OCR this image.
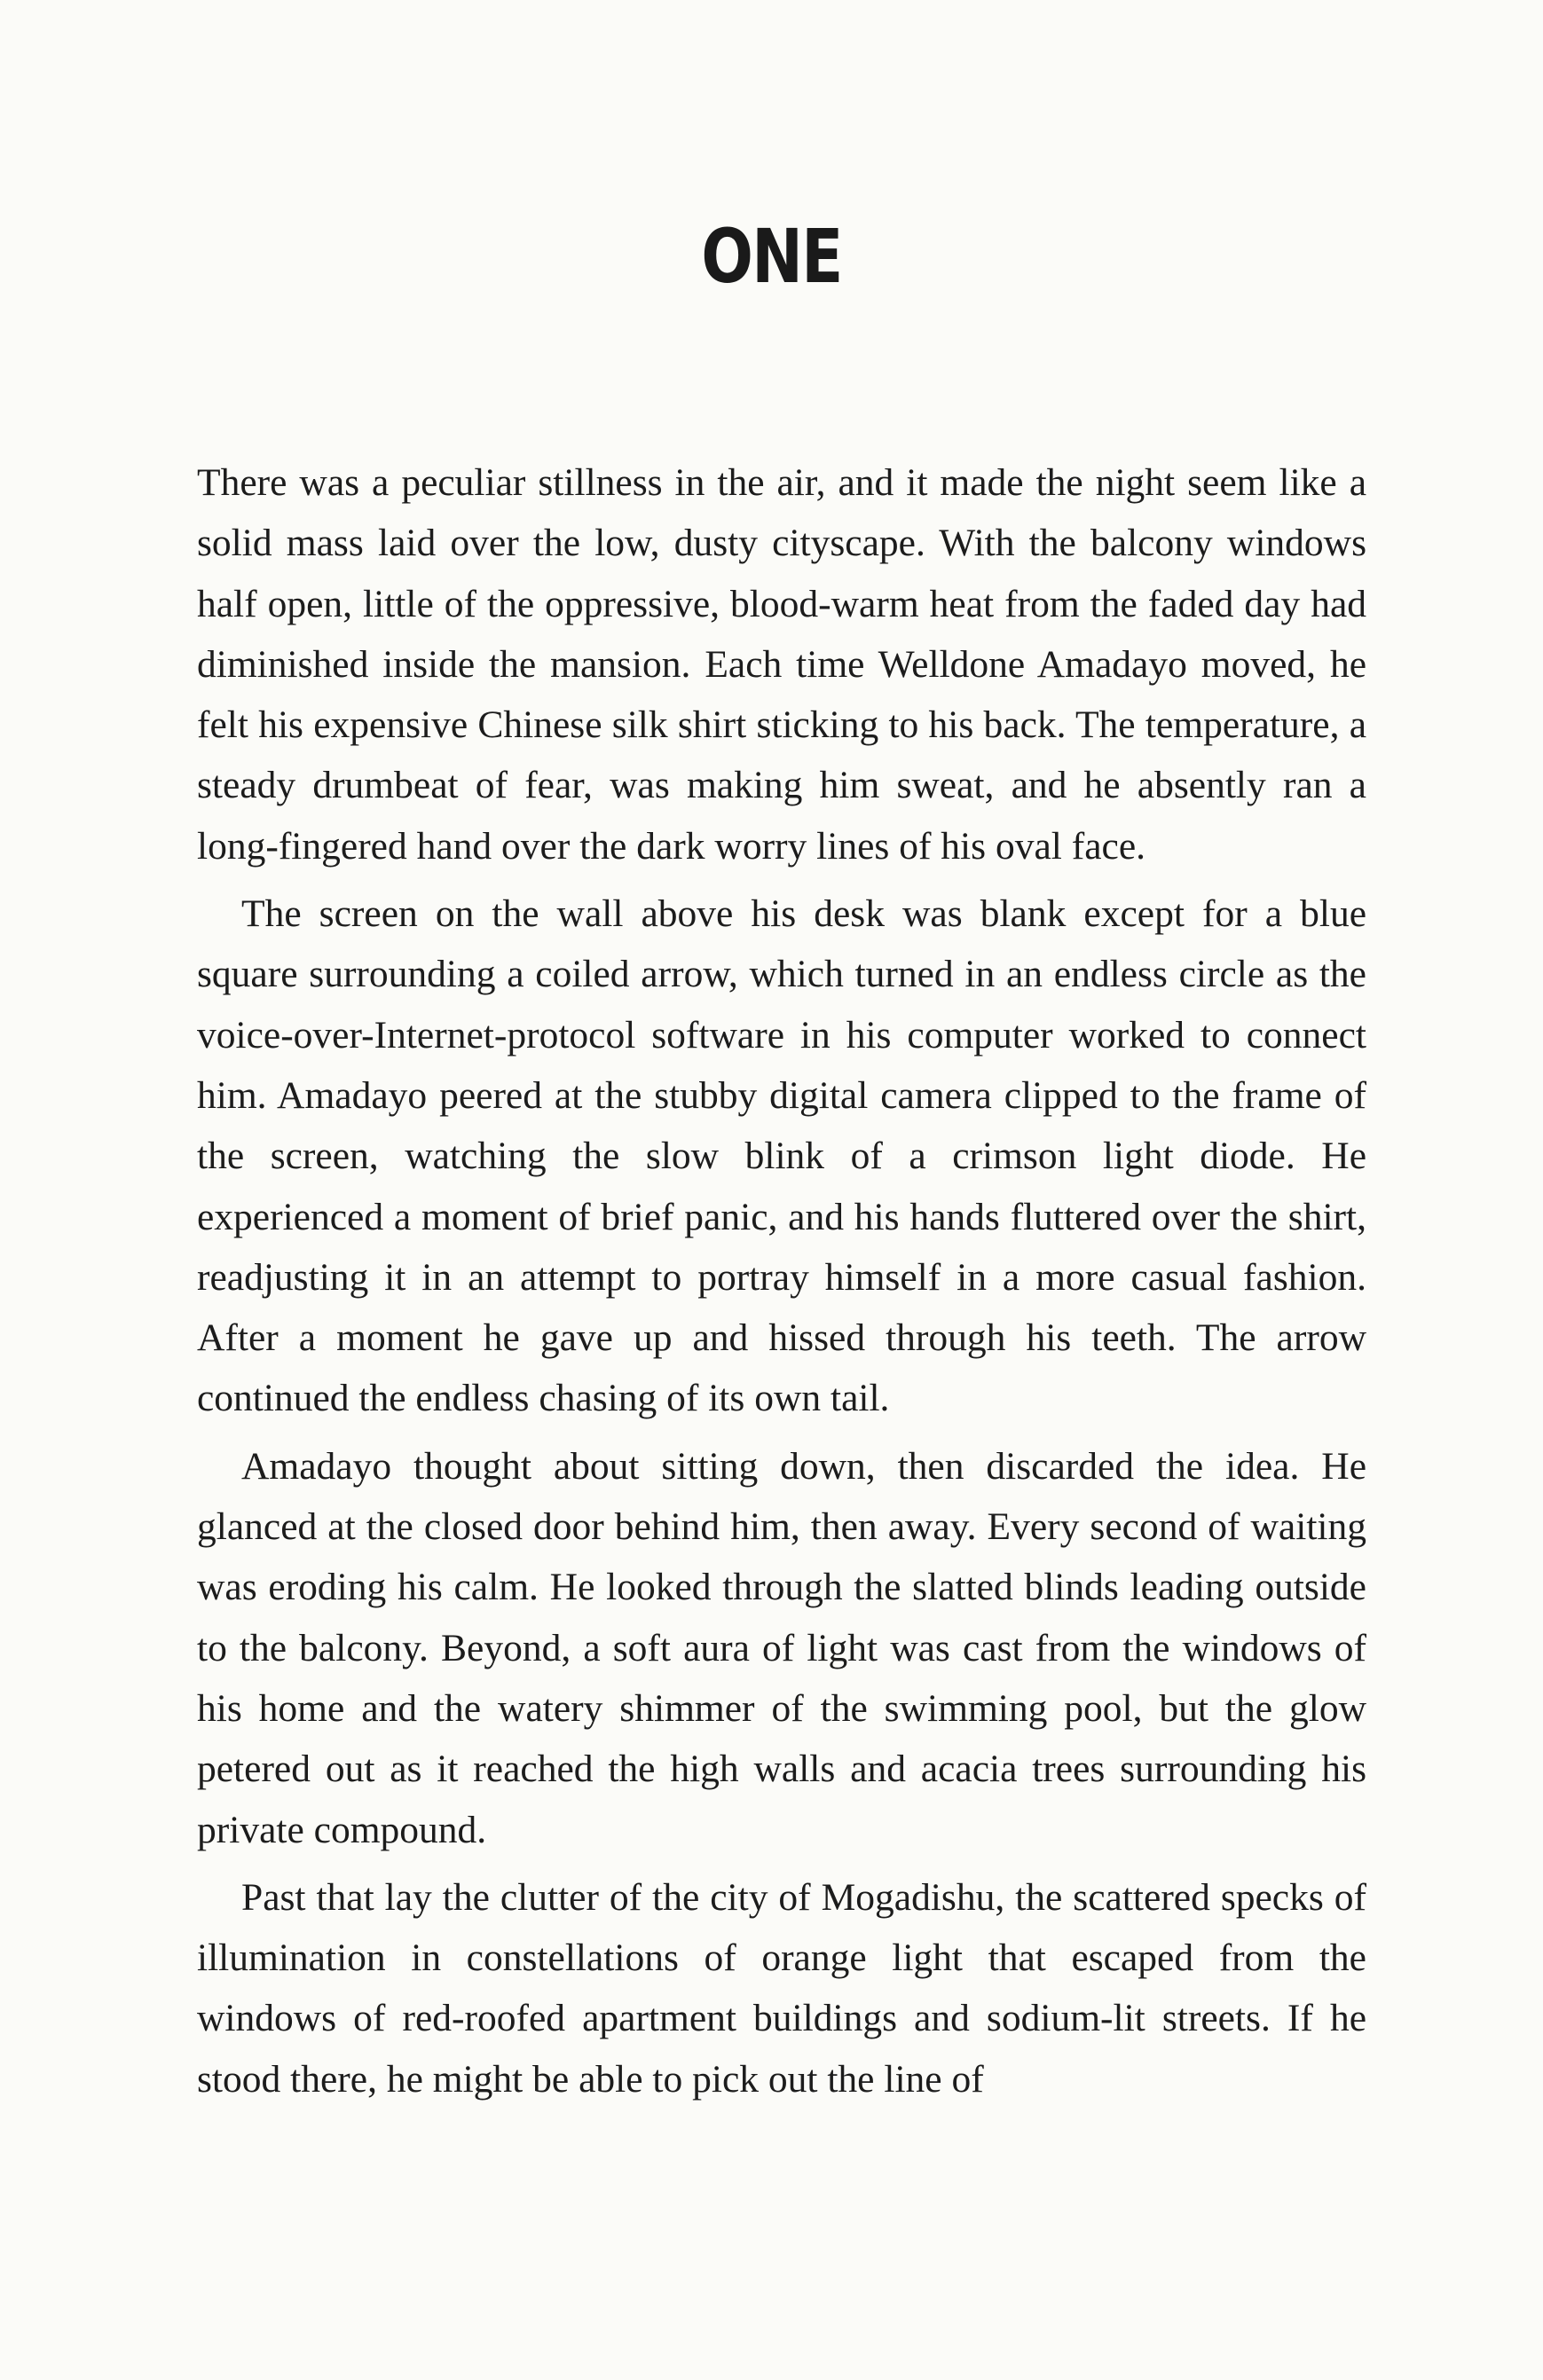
ONE

There was a peculiar stillness in the air, and it made the night seem like a solid mass laid over the low, dusty cityscape. With the balcony windows half open, little of the oppressive, blood-warm heat from the faded day had diminished inside the mansion. Each time Welldone Amadayo moved, he felt his expensive Chinese silk shirt sticking to his back. The temperature, a steady drumbeat of fear, was making him sweat, and he absently ran a long-fingered hand over the dark worry lines of his oval face.

The screen on the wall above his desk was blank except for a blue square surrounding a coiled arrow, which turned in an endless circle as the voice-over-Internet-protocol software in his computer worked to connect him. Amadayo peered at the stubby digital camera clipped to the frame of the screen, watching the slow blink of a crimson light diode. He experienced a moment of brief panic, and his hands fluttered over the shirt, readjusting it in an attempt to portray himself in a more casual fashion. After a moment he gave up and hissed through his teeth. The arrow continued the endless chasing of its own tail.

Amadayo thought about sitting down, then discarded the idea. He glanced at the closed door behind him, then away. Every second of waiting was eroding his calm. He looked through the slatted blinds leading outside to the balcony. Beyond, a soft aura of light was cast from the windows of his home and the watery shimmer of the swimming pool, but the glow petered out as it reached the high walls and acacia trees surrounding his private compound.

Past that lay the clutter of the city of Mogadishu, the scattered specks of illumination in constellations of orange light that escaped from the windows of red-roofed apartment buildings and sodium-lit streets. If he stood there, he might be able to pick out the line of
